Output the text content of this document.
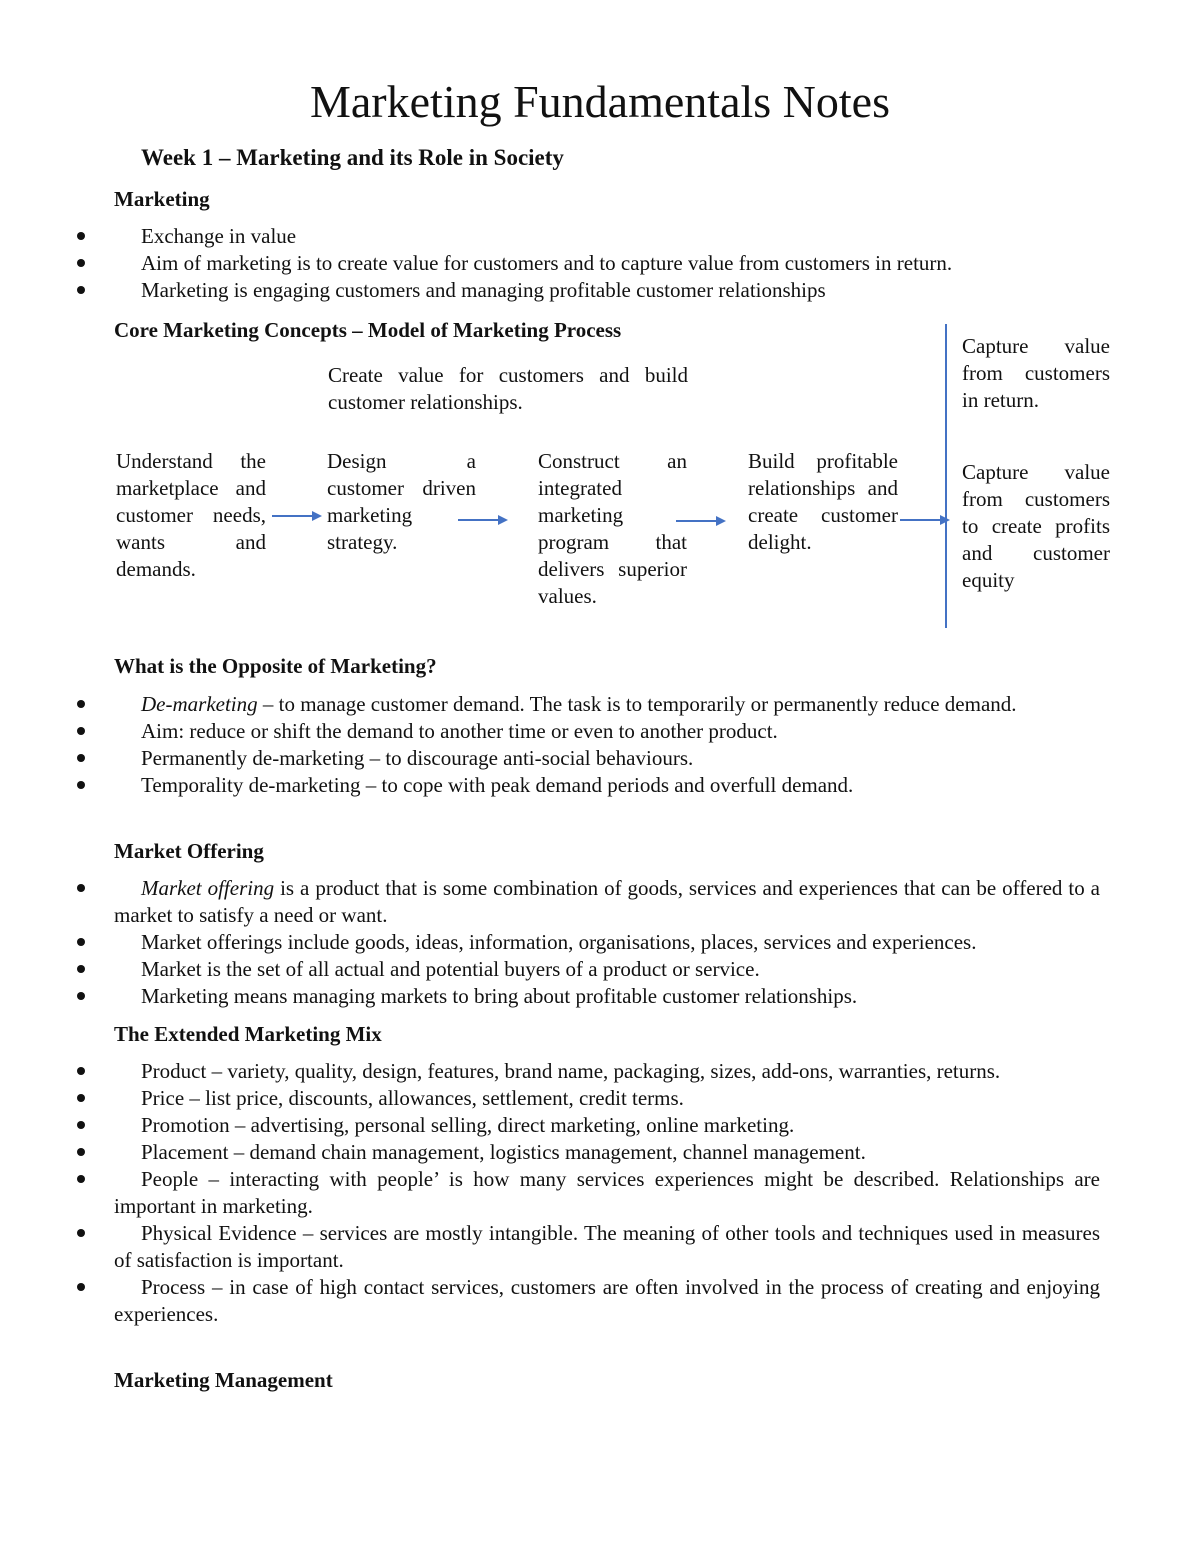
Marketing Fundamentals Notes
Week 1 – Marketing and its Role in Society
Marketing
Exchange in value
Aim of marketing is to create value for customers and to capture value from customers in return.
Marketing is engaging customers and managing profitable customer relationships
Core Marketing Concepts – Model of Marketing Process
Create value for customers and build customer relationships.
Understand the marketplace and customer needs, wants and demands.
Design a customer driven marketing strategy.
Construct an integrated marketing program that delivers superior values.
Build profitable relationships and create customer delight.
Capture value from customers in return.
Capture value from customers to create profits and customer equity
What is the Opposite of Marketing?
De-marketing – to manage customer demand. The task is to temporarily or permanently reduce demand.
Aim: reduce or shift the demand to another time or even to another product.
Permanently de-marketing – to discourage anti-social behaviours.
Temporality de-marketing – to cope with peak demand periods and overfull demand.
Market Offering
Market offering is a product that is some combination of goods, services and experiences that can be offered to a market to satisfy a need or want.
Market offerings include goods, ideas, information, organisations, places, services and experiences.
Market is the set of all actual and potential buyers of a product or service.
Marketing means managing markets to bring about profitable customer relationships.
The Extended Marketing Mix
Product – variety, quality, design, features, brand name, packaging, sizes, add-ons, warranties, returns.
Price – list price, discounts, allowances, settlement, credit terms.
Promotion – advertising, personal selling, direct marketing, online marketing.
Placement – demand chain management, logistics management, channel management.
People – interacting with people’ is how many services experiences might be described. Relationships are important in marketing.
Physical Evidence – services are mostly intangible. The meaning of other tools and techniques used in measures of satisfaction is important.
Process – in case of high contact services, customers are often involved in the process of creating and enjoying experiences.
Marketing Management
